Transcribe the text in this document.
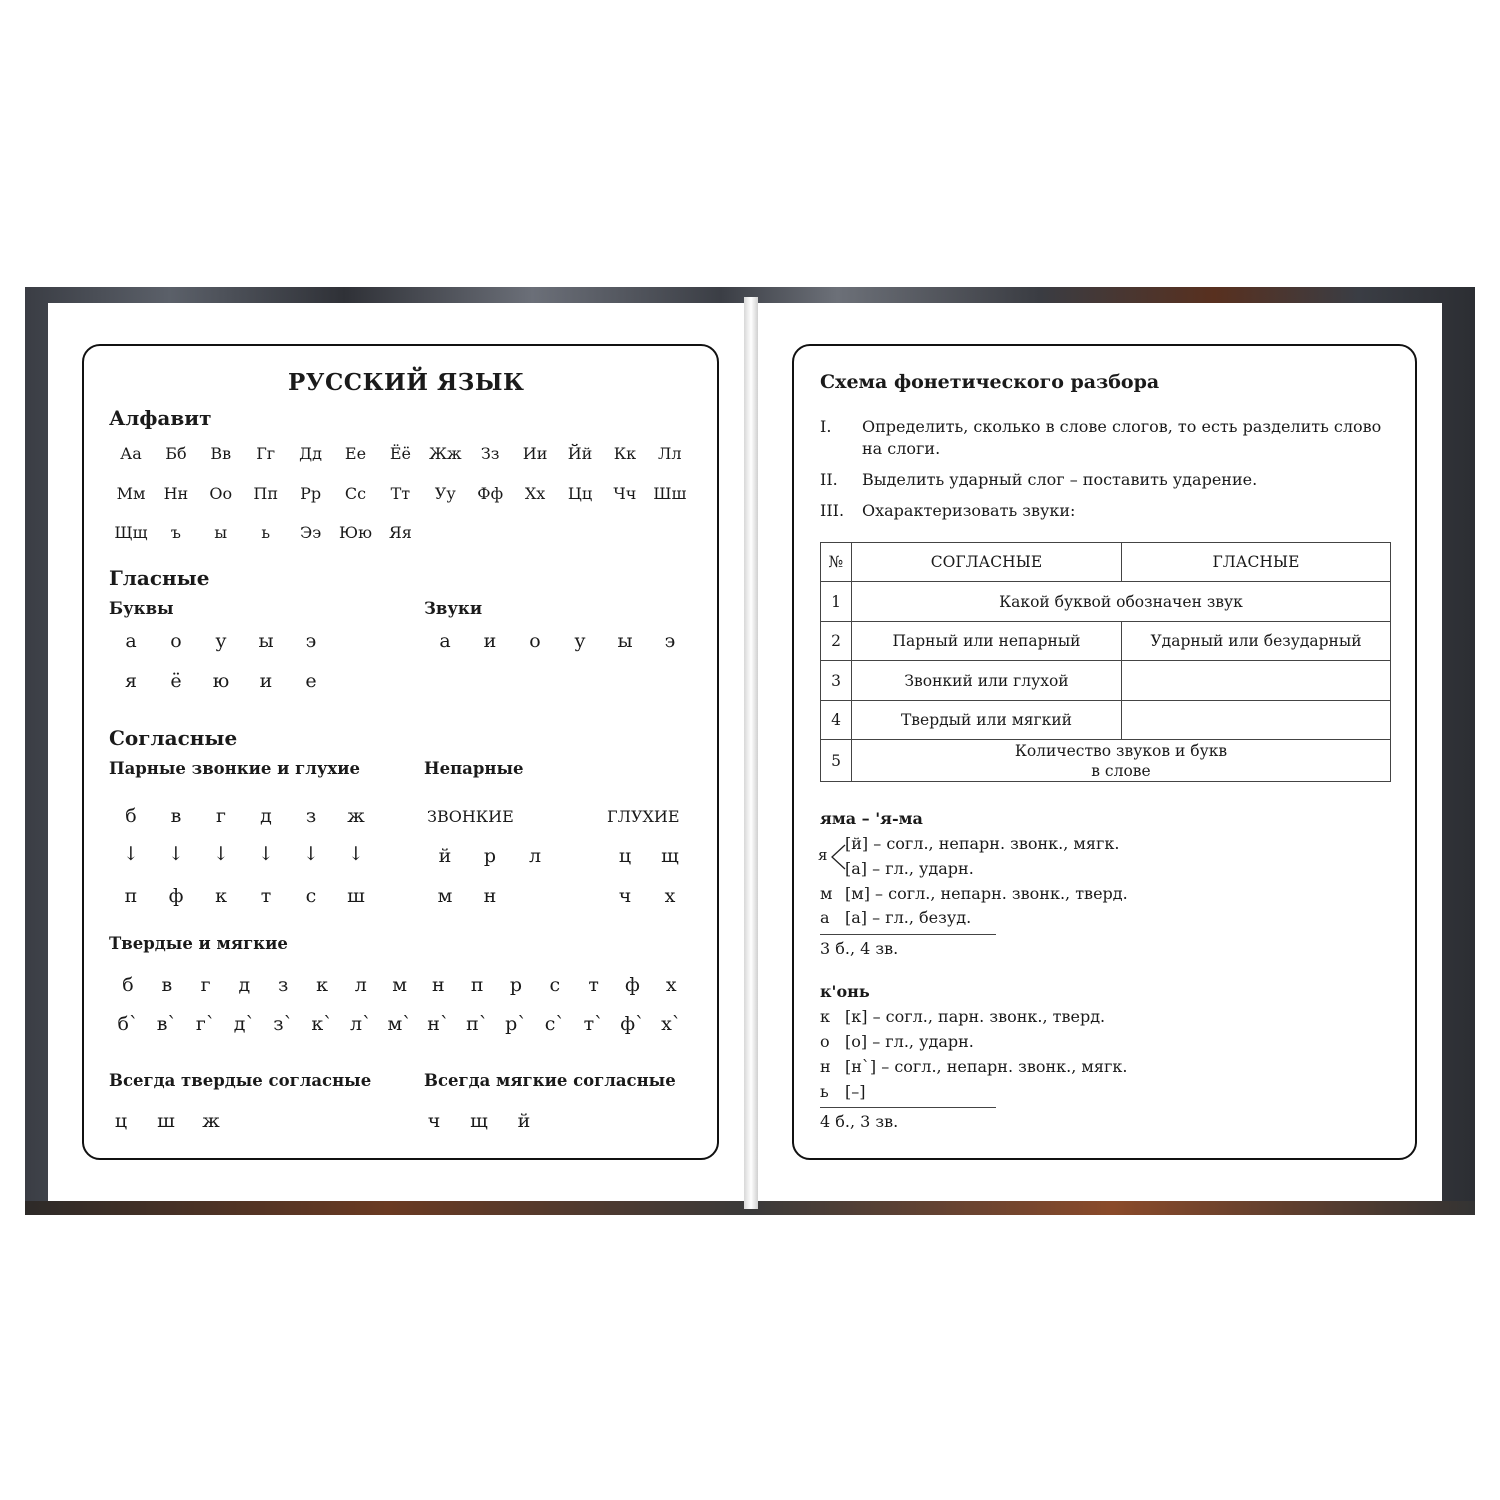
РУССКИЙ ЯЗЫК
Алфавит
Аа	Бб	Вв	Гг	Дд	Ее	Ёё	Жж	Зз	Ии	Йй	Кк	Лл
Мм	Нн	Оо	Пп	Рр	Сс	Тт	Уу	Фф	Хх	Цц	Чч	Шш
Щщ	ъ	ы	ь	Ээ	Юю	Яя
Гласные
Буквы	Звуки
а	о	у	ы	э
я	ё	ю	и	е
а	и	о	у	ы	э
Согласные
Парные звонкие и глухие	Непарные
ЗВОНКИЕ	ГЛУХИЕ
б	в	г	д	з	ж
↓	↓	↓	↓	↓	↓
п	ф	к	т	с	ш
й	р	л
м	н
ц	щ
ч	х
Твердые и мягкие
б	в	г	д	з	к	л	м	н	п	р	с	т	ф	х
б` в` г` д` з` к` л` м` н` п` р` с` т` ф` х`
Всегда твердые согласные	Всегда мягкие согласные
ц	ш	ж	ч	щ	й
Схема фонетического разбора
I. Определить, сколько в слове слогов, то есть разделить слово
на слоги.
II. Выделить ударный слог – поставить ударение.
III. Охарактеризовать звуки:
№	СОГЛАСНЫЕ	ГЛАСНЫЕ
1	Какой буквой обозначен звук	
2	Парный или непарный	Ударный или безударный
3	Звонкий или глухой	
4	Твердый или мягкий	
5	Количество звуков и букв
в слове	
яма – 'я-ма
я
[й] – согл., непарн. звонк., мягк.
[а] – гл., ударн.
м [м] – согл., непарн. звонк., тверд.
а [а] – гл., безуд.
3 б., 4 зв.
к'онь
к [к] – согл., парн. звонк., тверд.
о [о] – гл., ударн.
н [н`] – согл., непарн. звонк., мягк.
ь [–]
4 б., 3 зв.
